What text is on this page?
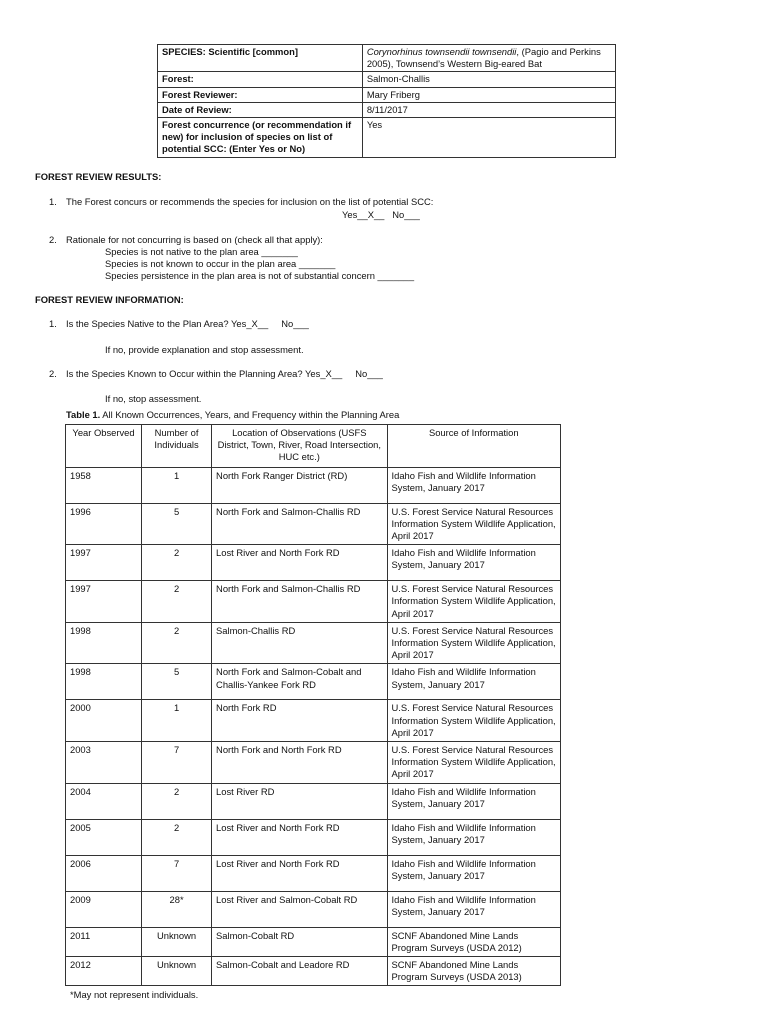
SPECIES: Scientific [common]	Corynorhinus townsendii townsendii, (Pagio and Perkins 2005), Townsend’s Western Big-eared Bat
Forest:	Salmon-Challis
Forest Reviewer:	Mary Friberg
Date of Review:	8/11/2017
Forest concurrence (or recommendation if new) for inclusion of species on list of potential SCC: (Enter Yes or No)	Yes
FOREST REVIEW RESULTS:
1. The Forest concurs or recommends the species for inclusion on the list of potential SCC:
Yes__X__   No___
2. Rationale for not concurring is based on (check all that apply):
Species is not native to the plan area _______
Species is not known to occur in the plan area _______
Species persistence in the plan area is not of substantial concern _______
FOREST REVIEW INFORMATION:
1. Is the Species Native to the Plan Area? Yes_X__     No___
If no, provide explanation and stop assessment.
2. Is the Species Known to Occur within the Planning Area? Yes_X__     No___
If no, stop assessment.
Table 1. All Known Occurrences, Years, and Frequency within the Planning Area
Year Observed	Number of Individuals	Location of Observations (USFS District, Town, River, Road Intersection, HUC etc.)	Source of Information
1958	1	North Fork Ranger District (RD)	Idaho Fish and Wildlife Information System, January 2017
1996	5	North Fork and Salmon-Challis RD	U.S. Forest Service Natural Resources Information System Wildlife Application, April 2017
1997	2	Lost River and North Fork RD	Idaho Fish and Wildlife Information System, January 2017
1997	2	North Fork and Salmon-Challis RD	U.S. Forest Service Natural Resources Information System Wildlife Application, April 2017
1998	2	Salmon-Challis RD	U.S. Forest Service Natural Resources Information System Wildlife Application, April 2017
1998	5	North Fork and Salmon-Cobalt and Challis-Yankee Fork RD	Idaho Fish and Wildlife Information System, January 2017
2000	1	North Fork RD	U.S. Forest Service Natural Resources Information System Wildlife Application, April 2017
2003	7	North Fork and North Fork RD	U.S. Forest Service Natural Resources Information System Wildlife Application, April 2017
2004	2	Lost River RD	Idaho Fish and Wildlife Information System, January 2017
2005	2	Lost River and North Fork RD	Idaho Fish and Wildlife Information System, January 2017
2006	7	Lost River and North Fork RD	Idaho Fish and Wildlife Information System, January 2017
2009	28*	Lost River and Salmon-Cobalt RD	Idaho Fish and Wildlife Information System, January 2017
2011	Unknown	Salmon-Cobalt RD	SCNF Abandoned Mine Lands Program Surveys (USDA 2012)
2012	Unknown	Salmon-Cobalt and Leadore RD	SCNF Abandoned Mine Lands Program Surveys (USDA 2013)
*May not represent individuals.
